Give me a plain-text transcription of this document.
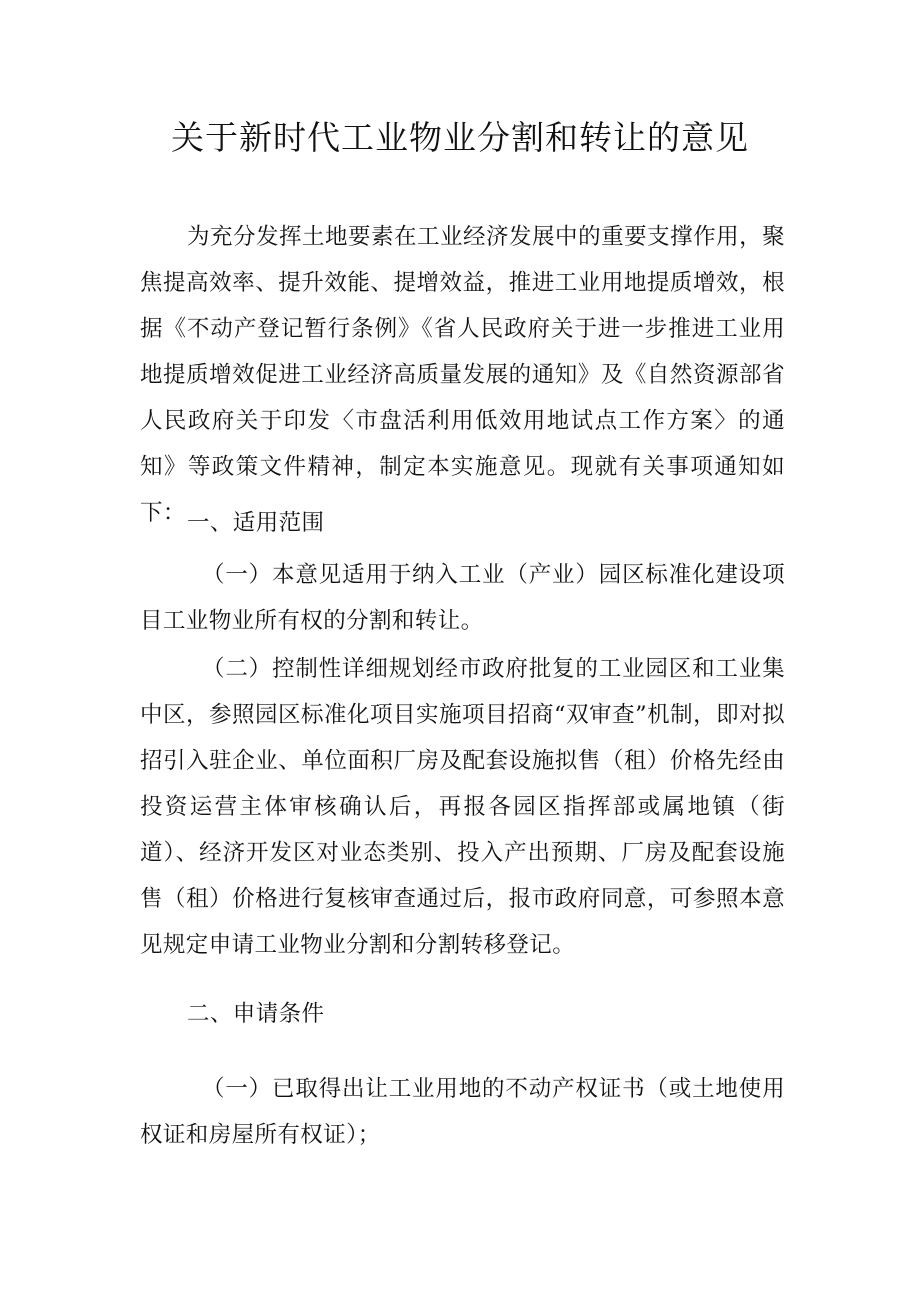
关于新时代工业物业分割和转让的意见

为充分发挥土地要素在工业经济发展中的重要支撑作用，聚焦提高效率、提升效能、提增效益，推进工业用地提质增效，根据《不动产登记暂行条例》《省人民政府关于进一步推进工业用地提质增效促进工业经济高质量发展的通知》及《自然资源部省人民政府关于印发〈市盘活利用低效用地试点工作方案〉的通知》等政策文件精神，制定本实施意见。现就有关事项通知如下： 一、适用范围

（一）本意见适用于纳入工业（产业）园区标准化建设项目工业物业所有权的分割和转让。

（二）控制性详细规划经市政府批复的工业园区和工业集中区，参照园区标准化项目实施项目招商“双审查”机制，即对拟招引入驻企业、单位面积厂房及配套设施拟售（租）价格先经由投资运营主体审核确认后，再报各园区指挥部或属地镇（街道）、经济开发区对业态类别、投入产出预期、厂房及配套设施售（租）价格进行复核审查通过后，报市政府同意，可参照本意见规定申请工业物业分割和分割转移登记。

二、申请条件

（一）已取得出让工业用地的不动产权证书（或土地使用权证和房屋所有权证）；
